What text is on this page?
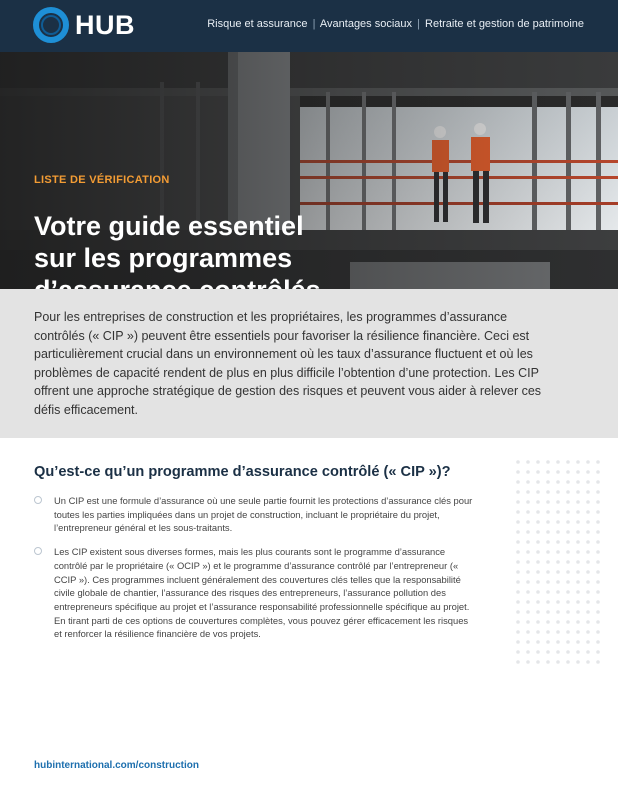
HUB	Risque et assurance | Avantages sociaux | Retraite et gestion de patrimoine
LISTE DE VÉRIFICATION
Votre guide essentiel
sur les programmes

Pour les entreprises de construction et les propriétaires, les programmes d’assurance contrôlés (« CIP ») peuvent être essentiels pour favoriser la résilience financière. Ceci est particulièrement crucial dans un environnement où les taux d’assurance fluctuent et où les problèmes de capacité rendent de plus en plus difficile l’obtention d’une protection. Les CIP offrent une approche stratégique de gestion des risques et peuvent vous aider à relever ces défis efficacement.

Qu’est-ce qu’un programme d’assurance contrôlé (« CIP »)?
Un CIP est une formule d’assurance où une seule partie fournit les protections d’assurance clés pour toutes les parties impliquées dans un projet de construction, incluant le propriétaire du projet, l’entrepreneur général et les sous-traitants.
Les CIP existent sous diverses formes, mais les plus courants sont le programme d’assurance contrôlé par le propriétaire (« OCIP ») et le programme d’assurance contrôlé par l’entrepreneur (« CCIP »). Ces programmes incluent généralement des couvertures clés telles que la responsabilité civile globale de chantier, l’assurance des risques des entrepreneurs, l’assurance pollution des entrepreneurs spécifique au projet et l’assurance responsabilité professionnelle spécifique au projet. En tirant parti de ces options de couvertures complètes, vous pouvez gérer efficacement les risques et renforcer la résilience financière de vos projets.
hubinternational.com/construction
